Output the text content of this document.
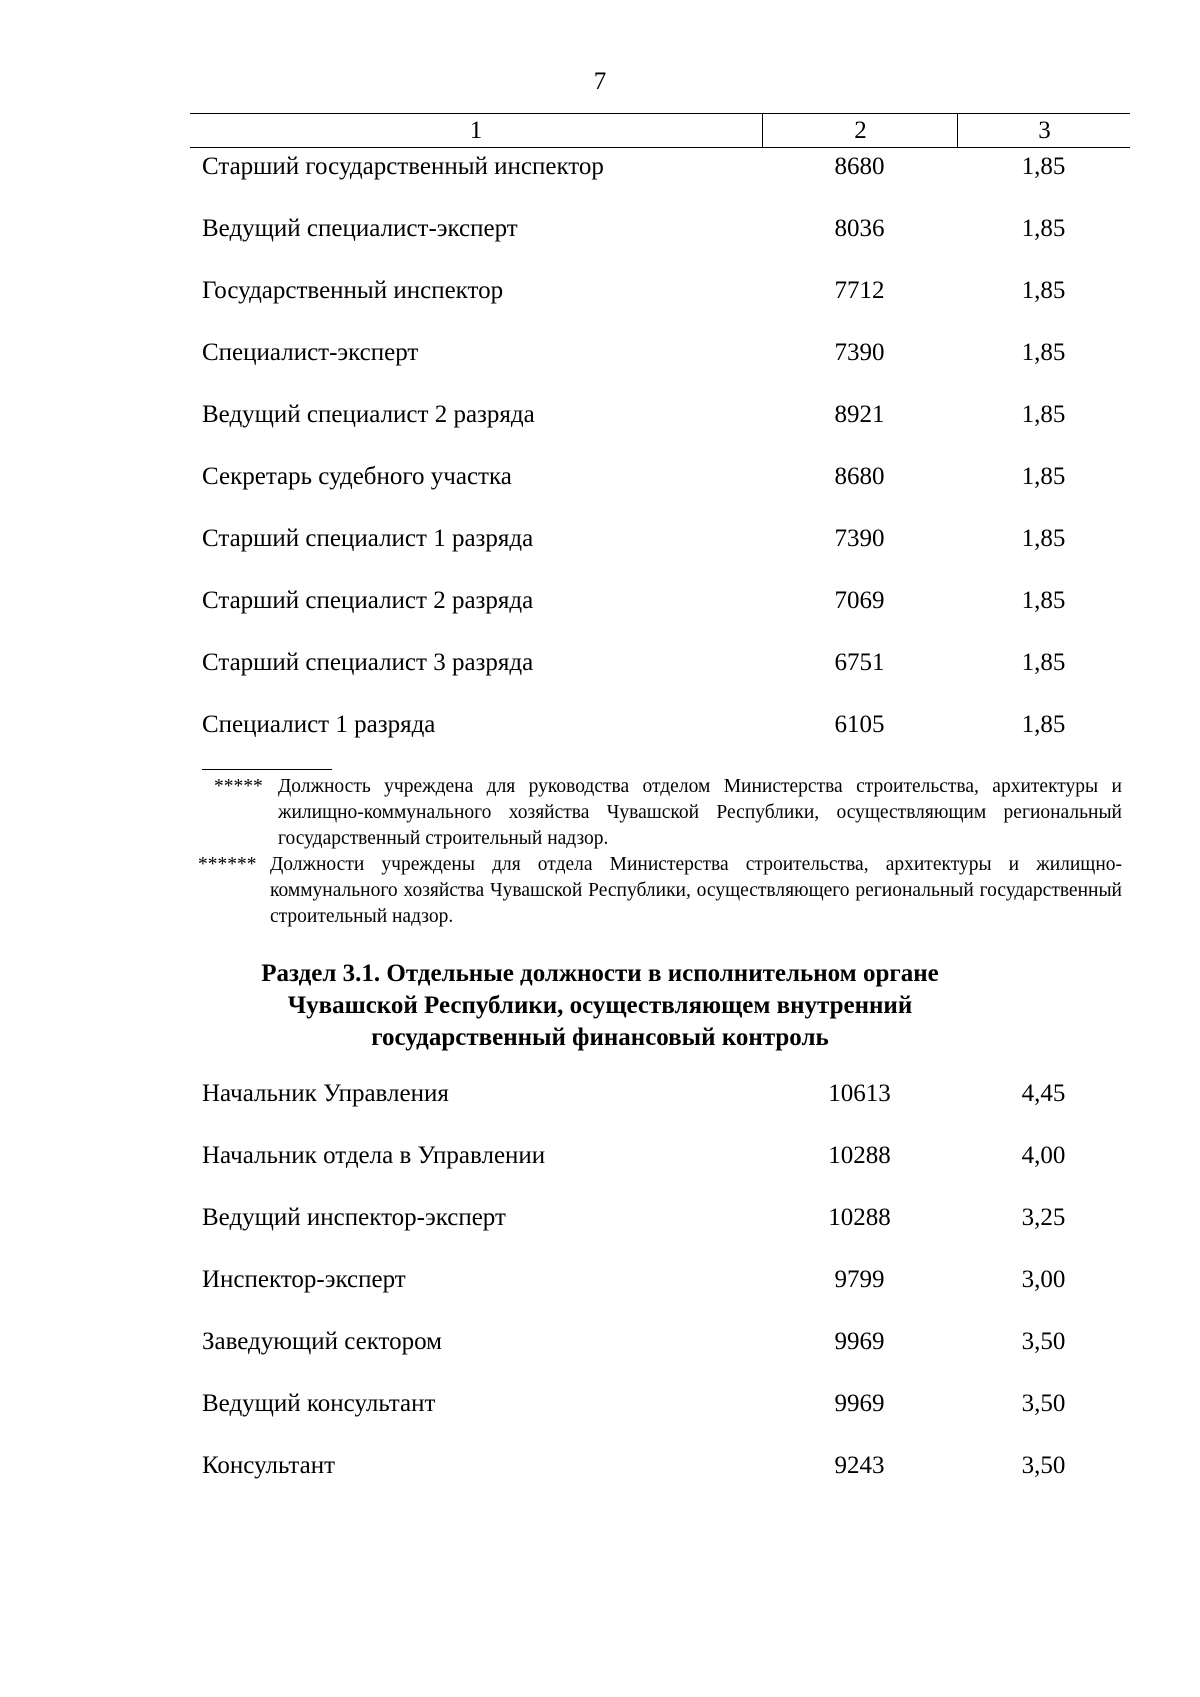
7
1	2	3
Старший государственный инспектор	8680	1,85
Ведущий специалист-эксперт	8036	1,85
Государственный инспектор	7712	1,85
Специалист-эксперт	7390	1,85
Ведущий специалист 2 разряда	8921	1,85
Секретарь судебного участка	8680	1,85
Старший специалист 1 разряда	7390	1,85
Старший специалист 2 разряда	7069	1,85
Старший специалист 3 разряда	6751	1,85
Специалист 1 разряда	6105	1,85
***** Должность учреждена для руководства отделом Министерства строительства, архитектуры и жилищно-коммунального хозяйства Чувашской Республики, осуществляющим региональный государственный строительный надзор.
****** Должности учреждены для отдела Министерства строительства, архитектуры и жилищно-коммунального хозяйства Чувашской Республики, осуществляющего региональный государственный строительный надзор.
Раздел 3.1. Отдельные должности в исполнительном органе Чувашской Республики, осуществляющем внутренний государственный финансовый контроль
Начальник Управления	10613	4,45
Начальник отдела в Управлении	10288	4,00
Ведущий инспектор-эксперт	10288	3,25
Инспектор-эксперт	9799	3,00
Заведующий сектором	9969	3,50
Ведущий консультант	9969	3,50
Консультант	9243	3,50
